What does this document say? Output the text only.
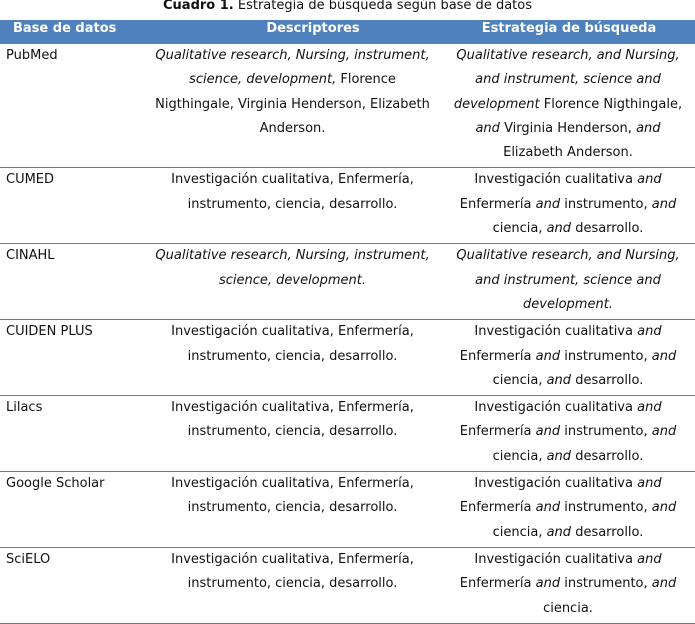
Cuadro 1. Estrategia de búsqueda según base de datos
Base de datos	Descriptores	Estrategia de búsqueda
PubMed	Qualitative research, Nursing, instrument, science, development, Florence Nigthingale, Virginia Henderson, Elizabeth Anderson.	Qualitative research, and Nursing, and instrument, science and development Florence Nigthingale, and Virginia Henderson, and Elizabeth Anderson.
CUMED	Investigación cualitativa, Enfermería, instrumento, ciencia, desarrollo.	Investigación cualitativa and Enfermería and instrumento, and ciencia, and desarrollo.
CINAHL	Qualitative research, Nursing, instrument, science, development.	Qualitative research, and Nursing, and instrument, science and development.
CUIDEN PLUS	Investigación cualitativa, Enfermería, instrumento, ciencia, desarrollo.	Investigación cualitativa and Enfermería and instrumento, and ciencia, and desarrollo.
Lilacs	Investigación cualitativa, Enfermería, instrumento, ciencia, desarrollo.	Investigación cualitativa and Enfermería and instrumento, and ciencia, and desarrollo.
Google Scholar	Investigación cualitativa, Enfermería, instrumento, ciencia, desarrollo.	Investigación cualitativa and Enfermería and instrumento, and ciencia, and desarrollo.
SciELO	Investigación cualitativa, Enfermería, instrumento, ciencia, desarrollo.	Investigación cualitativa and Enfermería and instrumento, and ciencia.
